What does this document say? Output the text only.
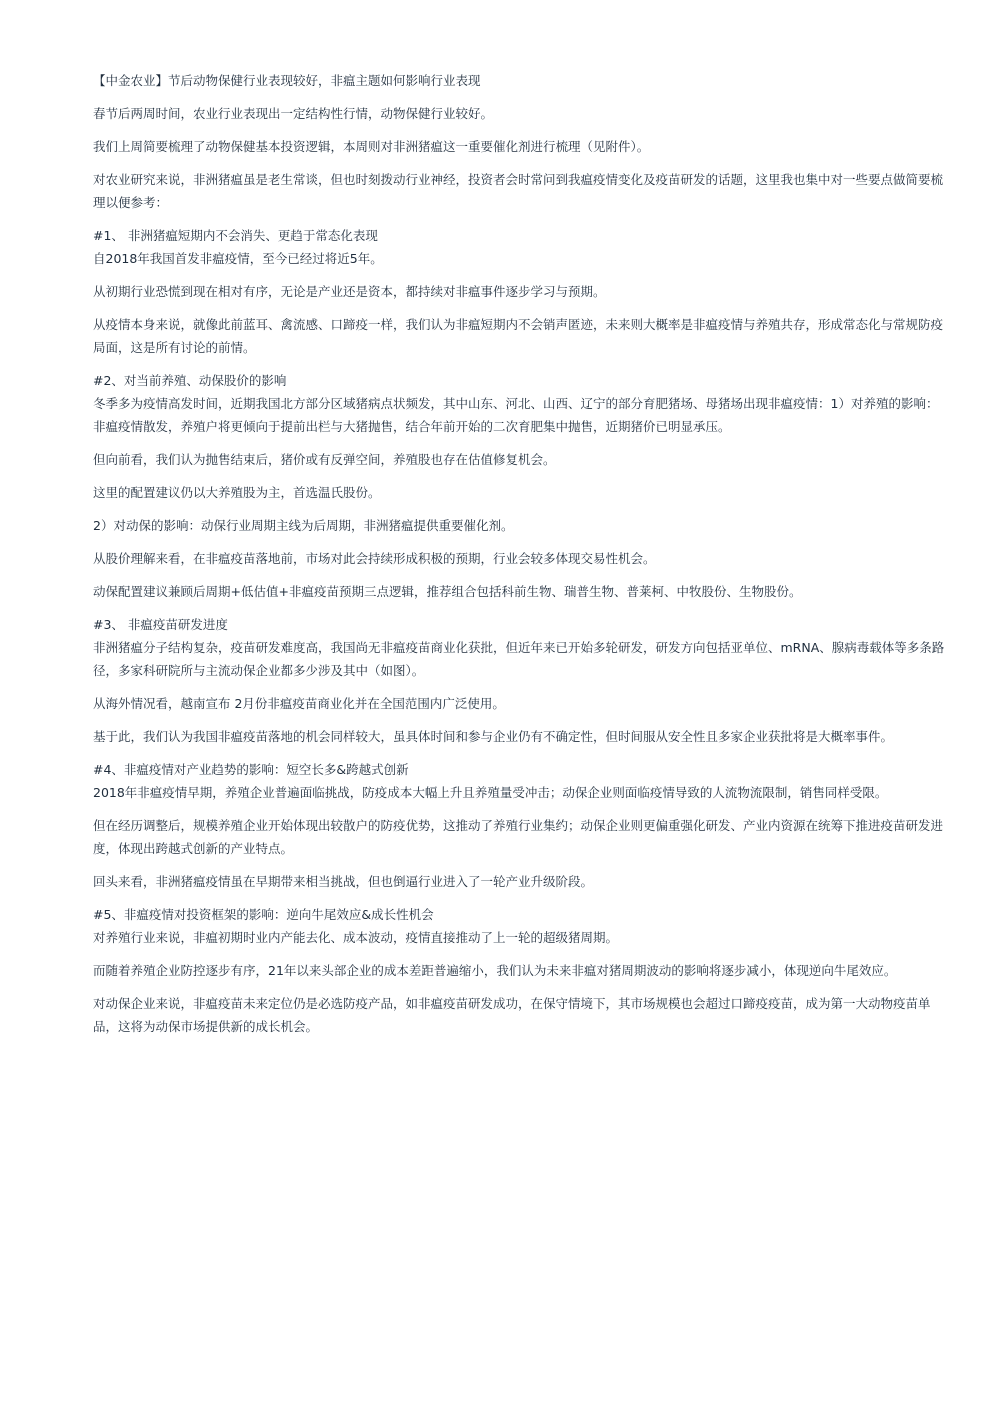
【中金农业】节后动物保健行业表现较好，非瘟主题如何影响行业表现

春节后两周时间，农业行业表现出一定结构性行情，动物保健行业较好。

我们上周简要梳理了动物保健基本投资逻辑，本周则对非洲猪瘟这一重要催化剂进行梳理（见附件）。

对农业研究来说，非洲猪瘟虽是老生常谈，但也时刻拨动行业神经，投资者会时常问到我瘟疫情变化及疫苗研发的话题，这里我也集中对一些要点做简要梳理以便参考：

#1、 非洲猪瘟短期内不会消失、更趋于常态化表现

自2018年我国首发非瘟疫情，至今已经过将近5年。

从初期行业恐慌到现在相对有序，无论是产业还是资本，都持续对非瘟事件逐步学习与预期。

从疫情本身来说，就像此前蓝耳、禽流感、口蹄疫一样，我们认为非瘟短期内不会销声匿迹，未来则大概率是非瘟疫情与养殖共存，形成常态化与常规防疫局面，这是所有讨论的前情。

#2、对当前养殖、动保股价的影响

冬季多为疫情高发时间，近期我国北方部分区域猪病点状频发，其中山东、河北、山西、辽宁的部分育肥猪场、母猪场出现非瘟疫情：1）对养殖的影响：非瘟疫情散发，养殖户将更倾向于提前出栏与大猪抛售，结合年前开始的二次育肥集中抛售，近期猪价已明显承压。

但向前看，我们认为抛售结束后，猪价或有反弹空间，养殖股也存在估值修复机会。

这里的配置建议仍以大养殖股为主，首选温氏股份。

2）对动保的影响：动保行业周期主线为后周期，非洲猪瘟提供重要催化剂。

从股价理解来看，在非瘟疫苗落地前，市场对此会持续形成积极的预期，行业会较多体现交易性机会。

动保配置建议兼顾后周期+低估值+非瘟疫苗预期三点逻辑，推荐组合包括科前生物、瑞普生物、普莱柯、中牧股份、生物股份。

#3、 非瘟疫苗研发进度

非洲猪瘟分子结构复杂，疫苗研发难度高，我国尚无非瘟疫苗商业化获批，但近年来已开始多轮研发，研发方向包括亚单位、mRNA、腺病毒载体等多条路径，多家科研院所与主流动保企业都多少涉及其中（如图）。

从海外情况看，越南宣布 2月份非瘟疫苗商业化并在全国范围内广泛使用。

基于此，我们认为我国非瘟疫苗落地的机会同样较大，虽具体时间和参与企业仍有不确定性，但时间服从安全性且多家企业获批将是大概率事件。

#4、非瘟疫情对产业趋势的影响：短空长多&跨越式创新

2018年非瘟疫情早期，养殖企业普遍面临挑战，防疫成本大幅上升且养殖量受冲击；动保企业则面临疫情导致的人流物流限制，销售同样受限。

但在经历调整后，规模养殖企业开始体现出较散户的防疫优势，这推动了养殖行业集约；动保企业则更偏重强化研发、产业内资源在统筹下推进疫苗研发进度，体现出跨越式创新的产业特点。

回头来看，非洲猪瘟疫情虽在早期带来相当挑战，但也倒逼行业进入了一轮产业升级阶段。

#5、非瘟疫情对投资框架的影响：逆向牛尾效应&成长性机会

对养殖行业来说，非瘟初期时业内产能去化、成本波动，疫情直接推动了上一轮的超级猪周期。

而随着养殖企业防控逐步有序，21年以来头部企业的成本差距普遍缩小，我们认为未来非瘟对猪周期波动的影响将逐步减小，体现逆向牛尾效应。

对动保企业来说，非瘟疫苗未来定位仍是必选防疫产品，如非瘟疫苗研发成功，在保守情境下，其市场规模也会超过口蹄疫疫苗，成为第一大动物疫苗单品，这将为动保市场提供新的成长机会。
